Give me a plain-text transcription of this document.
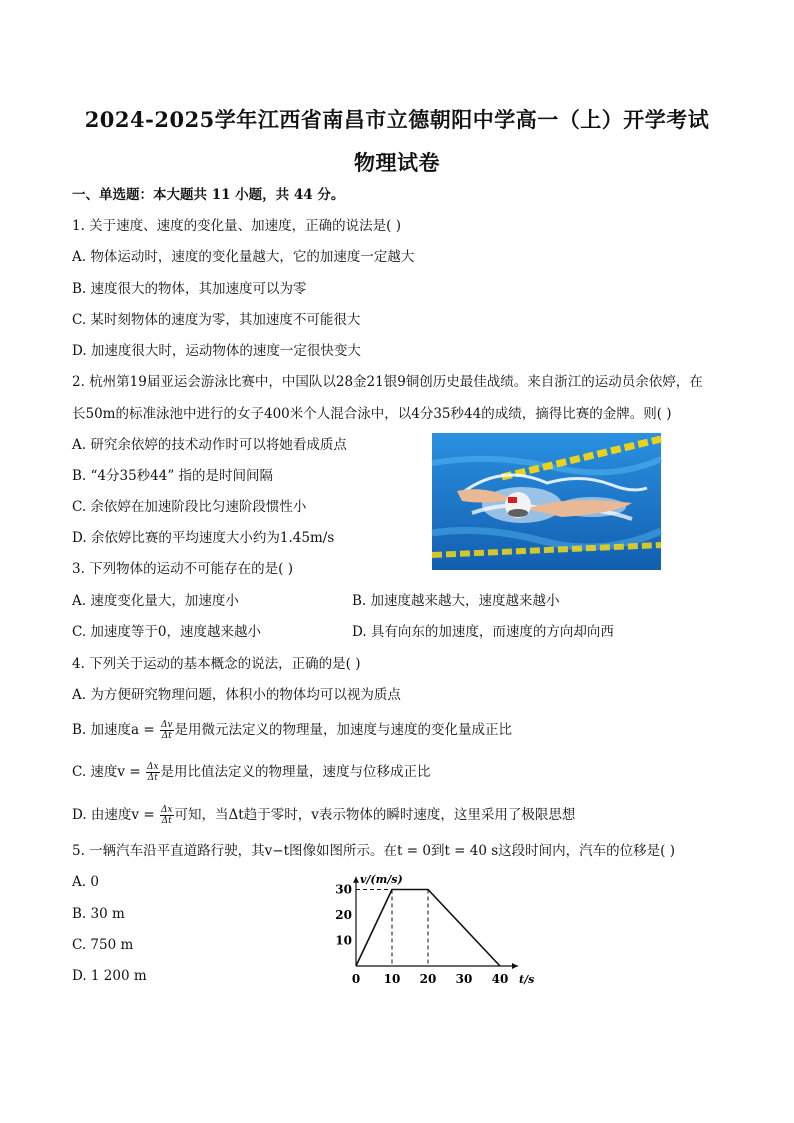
2024-2025学年江西省南昌市立德朝阳中学高一（上）开学考试
物理试卷
一、单选题：本大题共 11 小题，共 44 分。
1. 关于速度、速度的变化量、加速度，正确的说法是( )
A. 物体运动时，速度的变化量越大，它的加速度一定越大
B. 速度很大的物体，其加速度可以为零
C. 某时刻物体的速度为零，其加速度不可能很大
D. 加速度很大时，运动物体的速度一定很快变大
2. 杭州第19届亚运会游泳比赛中，中国队以28金21银9铜创历史最佳战绩。来自浙江的运动员余依婷，在
长50m的标准泳池中进行的女子400米个人混合泳中，以4分35秒44的成绩，摘得比赛的金牌。则( )
A. 研究余依婷的技术动作时可以将她看成质点
B. “4分35秒44” 指的是时间间隔
C. 余依婷在加速阶段比匀速阶段惯性小
D. 余依婷比赛的平均速度大小约为1.45m/s
3. 下列物体的运动不可能存在的是( )
A. 速度变化量大，加速度小	B. 加速度越来越大，速度越来越小
C. 加速度等于0，速度越来越小	D. 具有向东的加速度，而速度的方向却向西
4. 下列关于运动的基本概念的说法，正确的是( )
A. 为方便研究物理问题，体积小的物体均可以视为质点
B. 加速度$a = \frac{\Delta v}{\Delta t}$ 是用微元法定义的物理量，加速度与速度的变化量成正比
C. 速度$v = \frac{\Delta x}{\Delta t}$ 是用比值法定义的物理量，速度与位移成正比
D. 由速度$v = \frac{\Delta x}{\Delta t}$ 可知，当Δt趋于零时，v表示物体的瞬时速度，这里采用了极限思想
5. 一辆汽车沿平直道路行驶，其v−t图像如图所示。在t = 0到t = 40 s这段时间内，汽车的位移是( )
A. 0
B. 30 m
C. 750 m
D. 1 200 m
10
20
30
0 10 20 30 40
v/(m/s)
t/s
